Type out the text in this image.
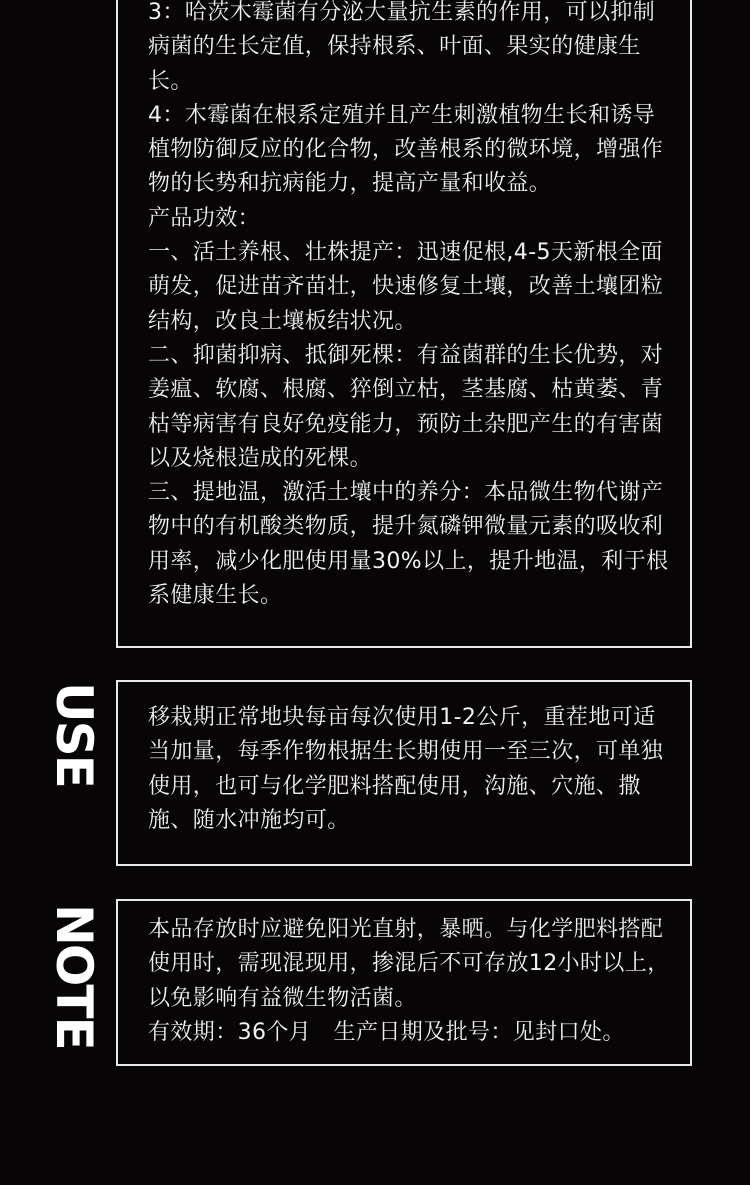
3：哈茨木霉菌有分泌大量抗生素的作用，可以抑制病菌的生长定值，保持根系、叶面、果实的健康生长。

4：木霉菌在根系定殖并且产生刺激植物生长和诱导植物防御反应的化合物，改善根系的微环境，增强作物的长势和抗病能力，提高产量和收益。

产品功效：

一、活土养根、壮株提产：迅速促根,4-5天新根全面萌发，促进苗齐苗壮，快速修复土壤，改善土壤团粒结构，改良土壤板结状况。

二、抑菌抑病、抵御死棵：有益菌群的生长优势，对姜瘟、软腐、根腐、猝倒立枯，茎基腐、枯黄萎、青枯等病害有良好免疫能力，预防土杂肥产生的有害菌以及烧根造成的死棵。

三、提地温，激活土壤中的养分：本品微生物代谢产物中的有机酸类物质，提升氮磷钾微量元素的吸收利用率，减少化肥使用量30%以上，提升地温，利于根系健康生长。

USE 移栽期正常地块每亩每次使用1-2公斤，重茬地可适当加量，每季作物根据生长期使用一至三次，可单独使用，也可与化学肥料搭配使用，沟施、穴施、撒施、随水冲施均可。
NOTE 本品存放时应避免阳光直射，暴晒。与化学肥料搭配使用时，需现混现用，掺混后不可存放12小时以上，以免影响有益微生物活菌。

有效期：36个月　生产日期及批号：见封口处。
